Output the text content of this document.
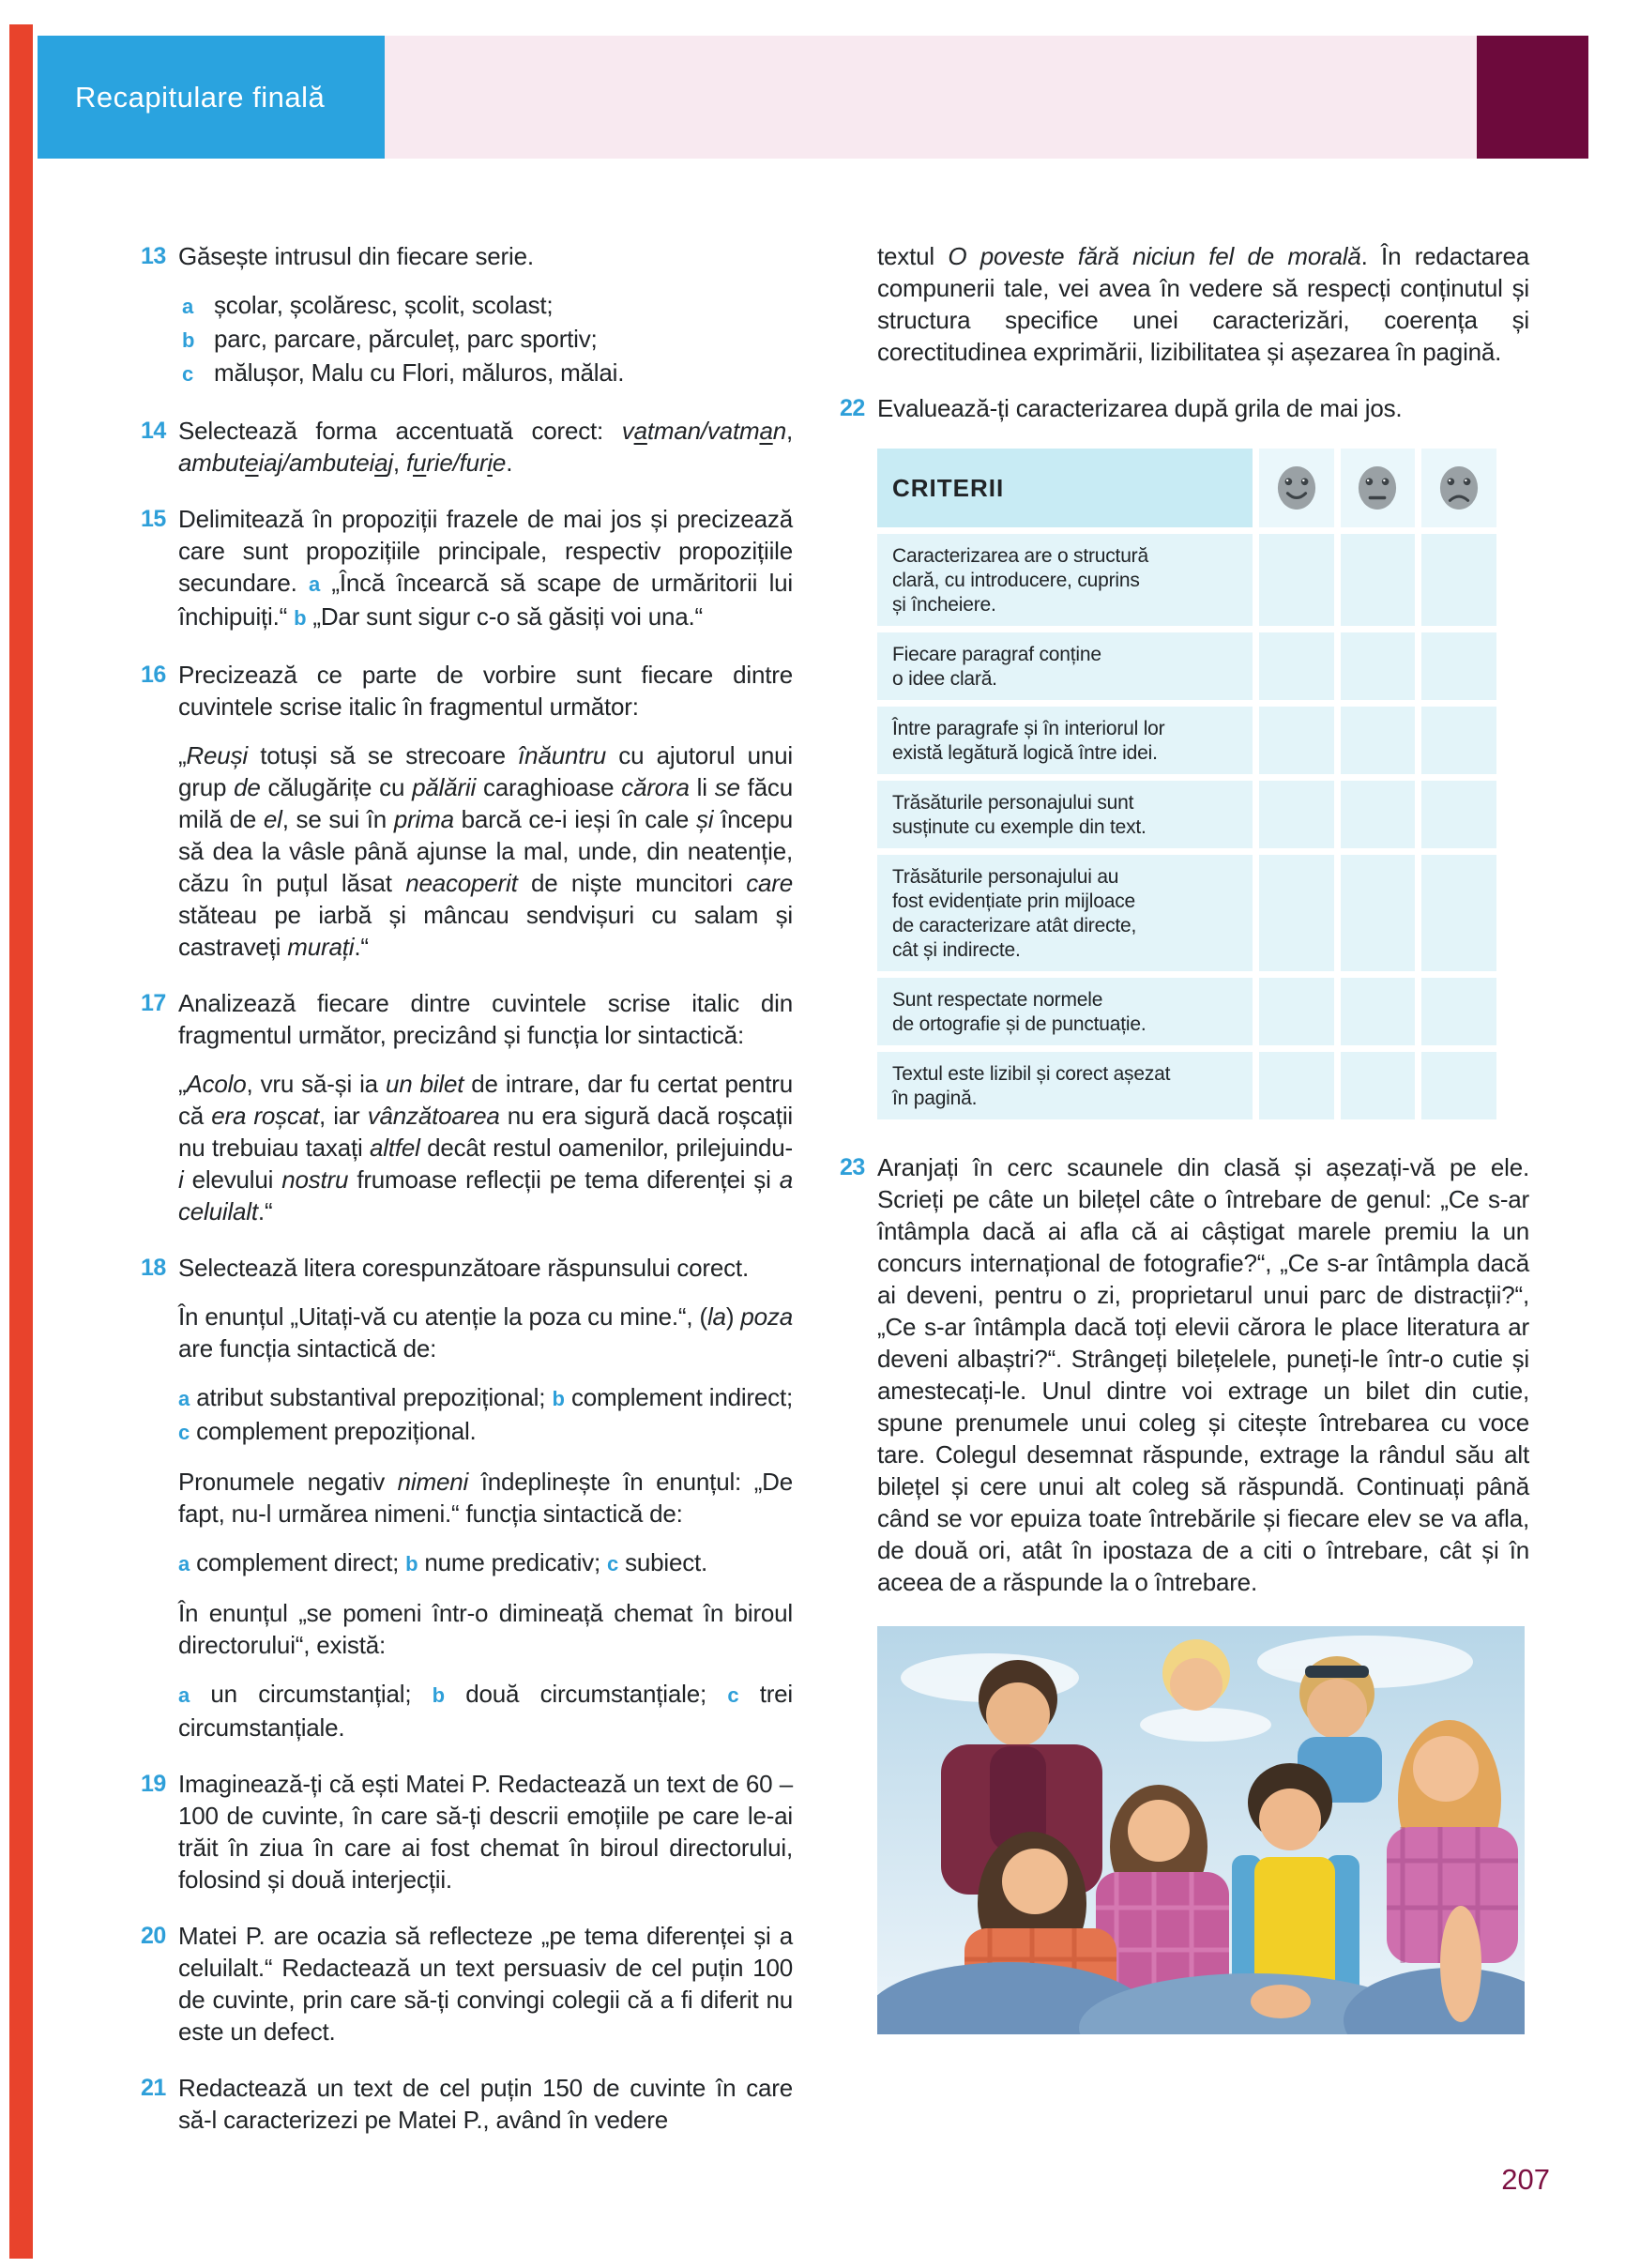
Recapitulare finală
13 Găsește intrusul din fiecare serie.

a școlar, școlăresc, școlit, scolast;

b parc, parcare, părculeț, parc sportiv;

c mălușor, Malu cu Flori, măluros, mălai.

14 Selectează forma accentuată corect: vatman/vatman, ambuteiaj/ambuteiaj, furie/furie.

15 Delimitează în propoziții frazele de mai jos și precizează care sunt propozițiile principale, respectiv propozițiile secundare. a „Încă încearcă să scape de urmăritorii lui închipuiți.“ b „Dar sunt sigur c-o să găsiți voi una.“

16 Precizează ce parte de vorbire sunt fiecare dintre cuvintele scrise italic în fragmentul următor:

„Reuși totuși să se strecoare înăuntru cu ajutorul unui grup de călugărițe cu pălării caraghioase cărora li se făcu milă de el, se sui în prima barcă ce-i ieși în cale și începu să dea la vâsle până ajunse la mal, unde, din neatenție, căzu în puțul lăsat neacoperit de niște muncitori care stăteau pe iarbă și mâncau sendvișuri cu salam și castraveți murați.“

17 Analizează fiecare dintre cuvintele scrise italic din fragmentul următor, precizând și funcția lor sintactică:

„Acolo, vru să-și ia un bilet de intrare, dar fu certat pentru că era roșcat, iar vânzătoarea nu era sigură dacă roșcații nu trebuiau taxați altfel decât restul oamenilor, prilejuindu-i elevului nostru frumoase reflecții pe tema diferenței și a celuilalt.“

18 Selectează litera corespunzătoare răspunsului corect.

În enunțul „Uitați-vă cu atenție la poza cu mine.“, (la) poza are funcția sintactică de:

a atribut substantival prepozițional; b complement indirect; c complement prepozițional.

Pronumele negativ nimeni îndeplinește în enunțul: „De fapt, nu-l urmărea nimeni.“ funcția sintactică de:

a complement direct; b nume predicativ; c subiect.

În enunțul „se pomeni într-o dimineață chemat în biroul directorului“, există:

a un circumstanțial; b două circumstanțiale; c trei circumstanțiale.

19 Imaginează-ți că ești Matei P. Redactează un text de 60 – 100 de cuvinte, în care să-ți descrii emoțiile pe care le-ai trăit în ziua în care ai fost chemat în biroul directorului, folosind și două interjecții.

20 Matei P. are ocazia să reflecteze „pe tema diferenței și a celuilalt.“ Redactează un text persuasiv de cel puțin 100 de cuvinte, prin care să-ți convingi colegii că a fi diferit nu este un defect.

21 Redactează un text de cel puțin 150 de cuvinte în care să-l caracterizezi pe Matei P., având în vedere

textul O poveste fără niciun fel de morală. În redactarea compunerii tale, vei avea în vedere să respecți conținutul și structura specifice unei caracterizări, coerența și corectitudinea exprimării, lizibilitatea și așezarea în pagină.

22 Evaluează-ți caracterizarea după grila de mai jos.

CRITERII
Caracterizarea are o structură
clară, cu introducere, cuprins
și încheiere.
Fiecare paragraf conține
o idee clară.
Între paragrafe și în interiorul lor
există legătură logică între idei.
Trăsăturile personajului sunt
susținute cu exemple din text.
Trăsăturile personajului au
fost evidențiate prin mijloace
de caracterizare atât directe,
cât și indirecte.
Sunt respectate normele
de ortografie și de punctuație.
Textul este lizibil și corect așezat
în pagină.
23 Aranjați în cerc scaunele din clasă și așezați-vă pe ele. Scrieți pe câte un bilețel câte o întrebare de genul: „Ce s-ar întâmpla dacă ai afla că ai câștigat marele premiu la un concurs internațional de fotografie?“, „Ce s-ar întâmpla dacă ai deveni, pentru o zi, proprietarul unui parc de distracții?“, „Ce s-ar întâmpla dacă toți elevii cărora le place literatura ar deveni albaștri?“. Strângeți bilețelele, puneți-le într-o cutie și amestecați-le. Unul dintre voi extrage un bilet din cutie, spune prenumele unui coleg și citește întrebarea cu voce tare. Colegul desemnat răspunde, extrage la rândul său alt bilețel și cere unui alt coleg să răspundă. Continuați până când se vor epuiza toate întrebările și fiecare elev se va afla, de două ori, atât în ipostaza de a citi o întrebare, cât și în aceea de a răspunde la o întrebare.

207
